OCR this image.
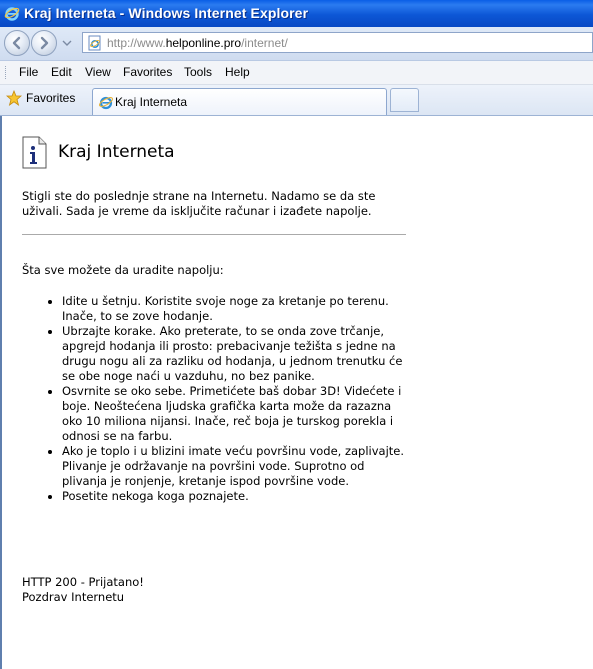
Kraj Interneta - Windows Internet Explorer
http://www.helponline.pro/internet/
File Edit View Favorites Tools Help
Favorites	Kraj Interneta
Kraj Interneta
Stigli ste do poslednje strane na Internetu. Nadamo se da ste uživali. Sada je vreme da isključite računar i izađete napolje.
Šta sve možete da uradite napolju:
• Idite u šetnju. Koristite svoje noge za kretanje po terenu. Inače, to se zove hodanje.
• Ubrzajte korake. Ako preterate, to se onda zove trčanje, apgrejd hodanja ili prosto: prebacivanje težišta s jedne na drugu nogu ali za razliku od hodanja, u jednom trenutku će se obe noge naći u vazduhu, no bez panike.
• Osvrnite se oko sebe. Primetićete baš dobar 3D! Videćete i boje. Neoštećena ljudska grafička karta može da razazna oko 10 miliona nijansi. Inače, reč boja je turskog porekla i odnosi se na farbu.
• Ako je toplo i u blizini imate veću površinu vode, zaplivajte. Plivanje je održavanje na površini vode. Suprotno od plivanja je ronjenje, kretanje ispod površine vode.
• Posetite nekoga koga poznajete.
HTTP 200 - Prijatano!
Pozdrav Internetu
